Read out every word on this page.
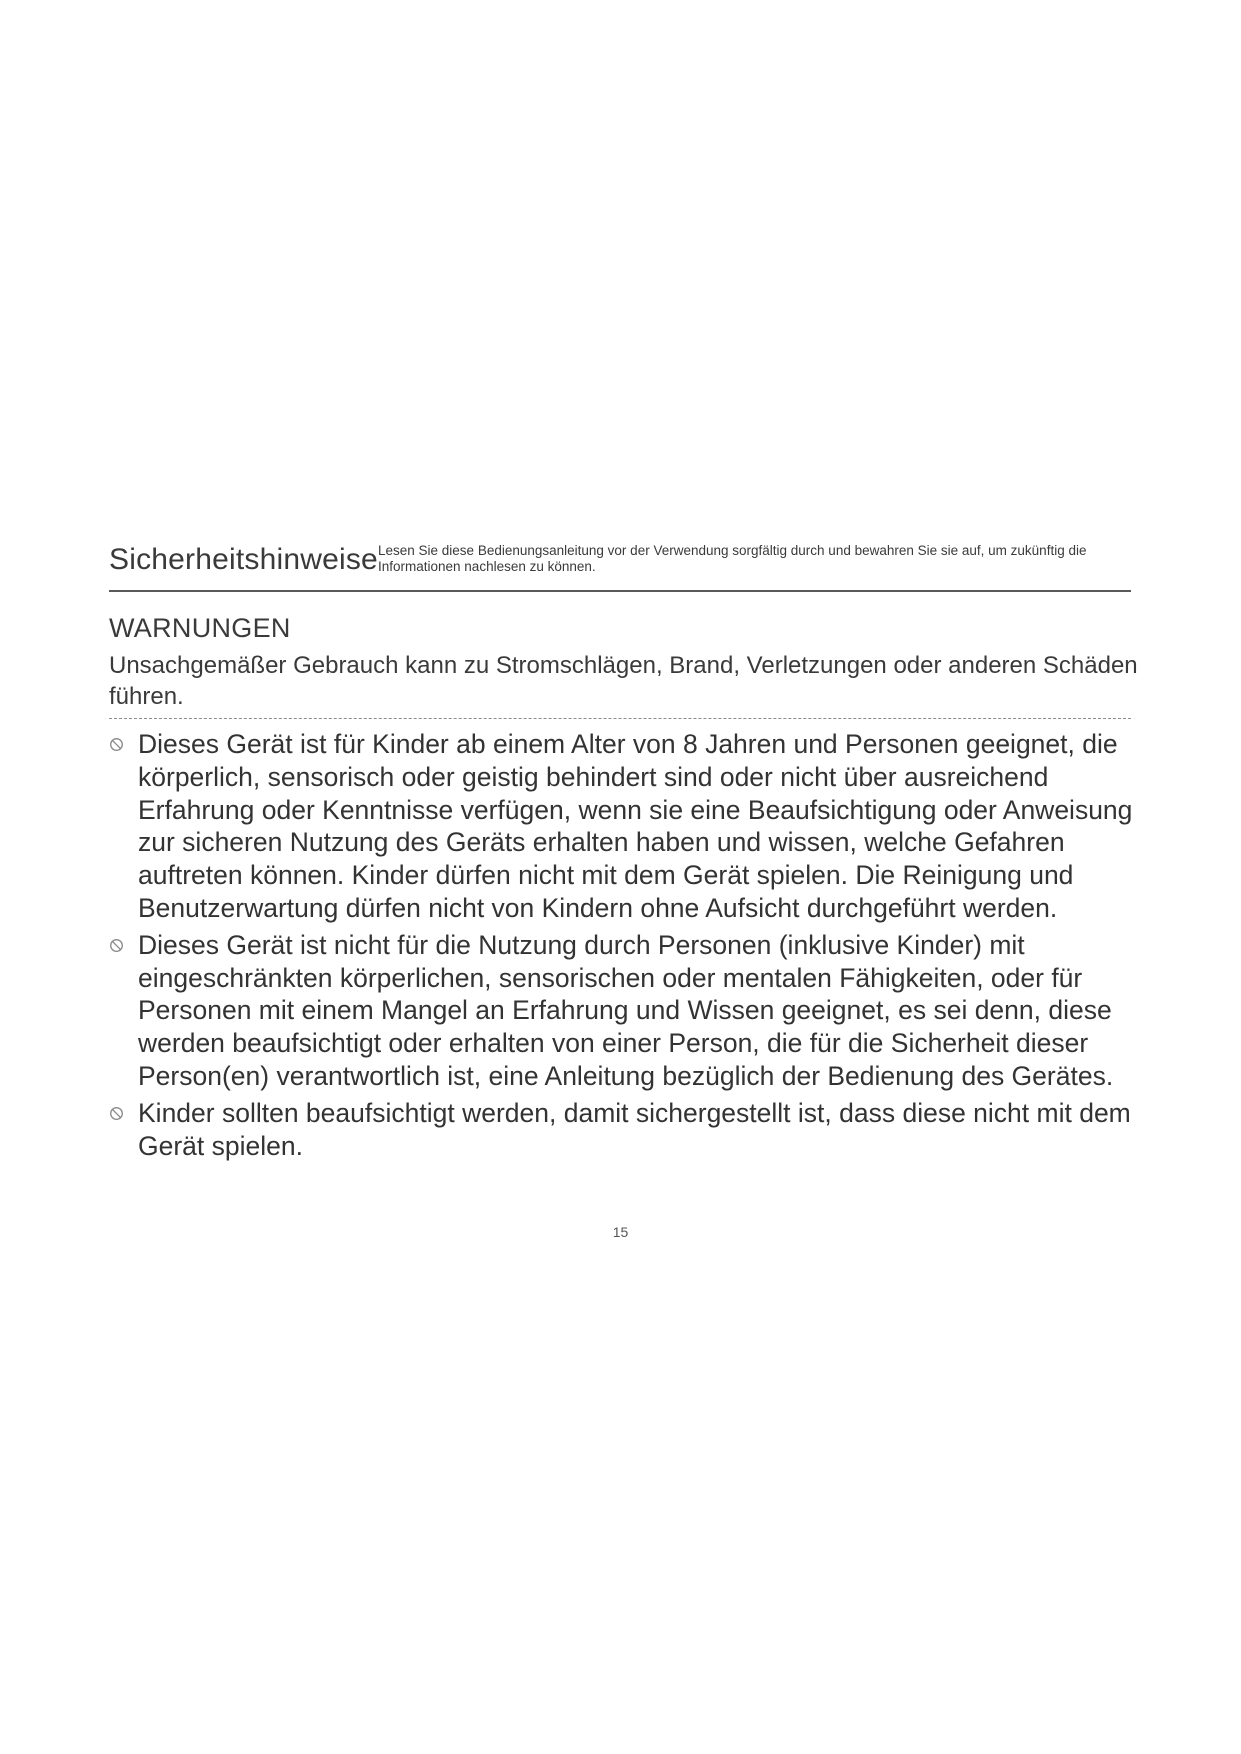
Sicherheitshinweise Lesen Sie diese Bedienungsanleitung vor der Verwendung sorgfältig durch und bewahren Sie sie auf, um zukünftig die Informationen nachlesen zu können.
WARNUNGEN
Unsachgemäßer Gebrauch kann zu Stromschlägen, Brand, Verletzungen oder anderen Schäden führen.
Dieses Gerät ist für Kinder ab einem Alter von 8 Jahren und Personen geeignet, die körperlich, sensorisch oder geistig behindert sind oder nicht über ausreichend Erfahrung oder Kenntnisse verfügen, wenn sie eine Beaufsichtigung oder Anweisung zur sicheren Nutzung des Geräts erhalten haben und wissen, welche Gefahren auftreten können. Kinder dürfen nicht mit dem Gerät spielen. Die Reinigung und Benutzerwartung dürfen nicht von Kindern ohne Aufsicht durchgeführt werden.
Dieses Gerät ist nicht für die Nutzung durch Personen (inklusive Kinder) mit eingeschränkten körperlichen, sensorischen oder mentalen Fähigkeiten, oder für Personen mit einem Mangel an Erfahrung und Wissen geeignet, es sei denn, diese werden beaufsichtigt oder erhalten von einer Person, die für die Sicherheit dieser Person(en) verantwortlich ist, eine Anleitung bezüglich der Bedienung des Gerätes.
Kinder sollten beaufsichtigt werden, damit sichergestellt ist, dass diese nicht mit dem Gerät spielen.
15
